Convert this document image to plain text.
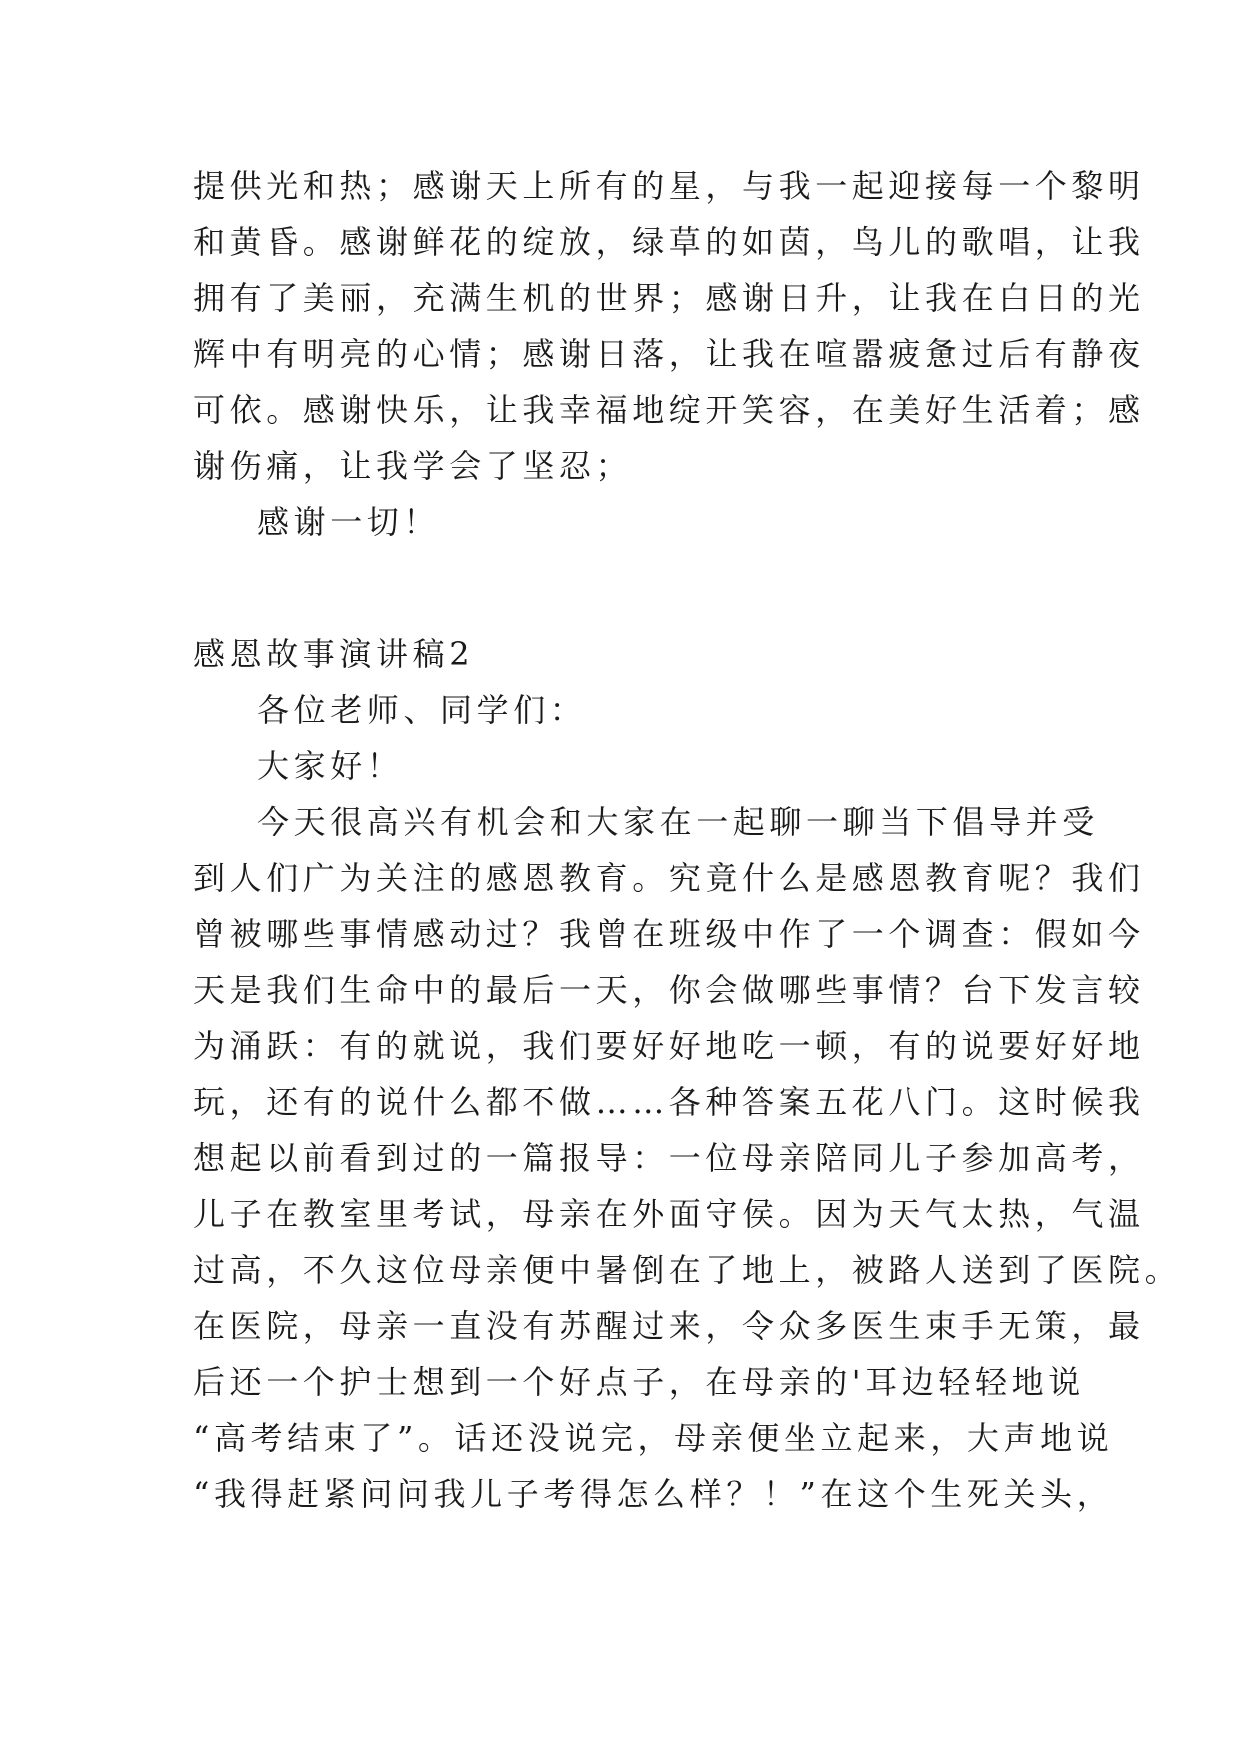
提供光和热；感谢天上所有的星，与我一起迎接每一个黎明
和黄昏。感谢鲜花的绽放，绿草的如茵，鸟儿的歌唱，让我
拥有了美丽，充满生机的世界；感谢日升，让我在白日的光
辉中有明亮的心情；感谢日落，让我在喧嚣疲惫过后有静夜
可依。感谢快乐，让我幸福地绽开笑容，在美好生活着；感
谢伤痛，让我学会了坚忍；
感谢一切！
感恩故事演讲稿2
各位老师、同学们：
大家好！
今天很高兴有机会和大家在一起聊一聊当下倡导并受
到人们广为关注的感恩教育。究竟什么是感恩教育呢？我们
曾被哪些事情感动过？我曾在班级中作了一个调查：假如今
天是我们生命中的最后一天，你会做哪些事情？台下发言较
为涌跃：有的就说，我们要好好地吃一顿，有的说要好好地
玩，还有的说什么都不做……各种答案五花八门。这时候我
想起以前看到过的一篇报导：一位母亲陪同儿子参加高考，
儿子在教室里考试，母亲在外面守侯。因为天气太热，气温
过高，不久这位母亲便中暑倒在了地上，被路人送到了医院。
在医院，母亲一直没有苏醒过来，令众多医生束手无策，最
后还一个护士想到一个好点子，在母亲的'耳边轻轻地说
“高考结束了”。话还没说完，母亲便坐立起来，大声地说
“我得赶紧问问我儿子考得怎么样？！”在这个生死关头，
